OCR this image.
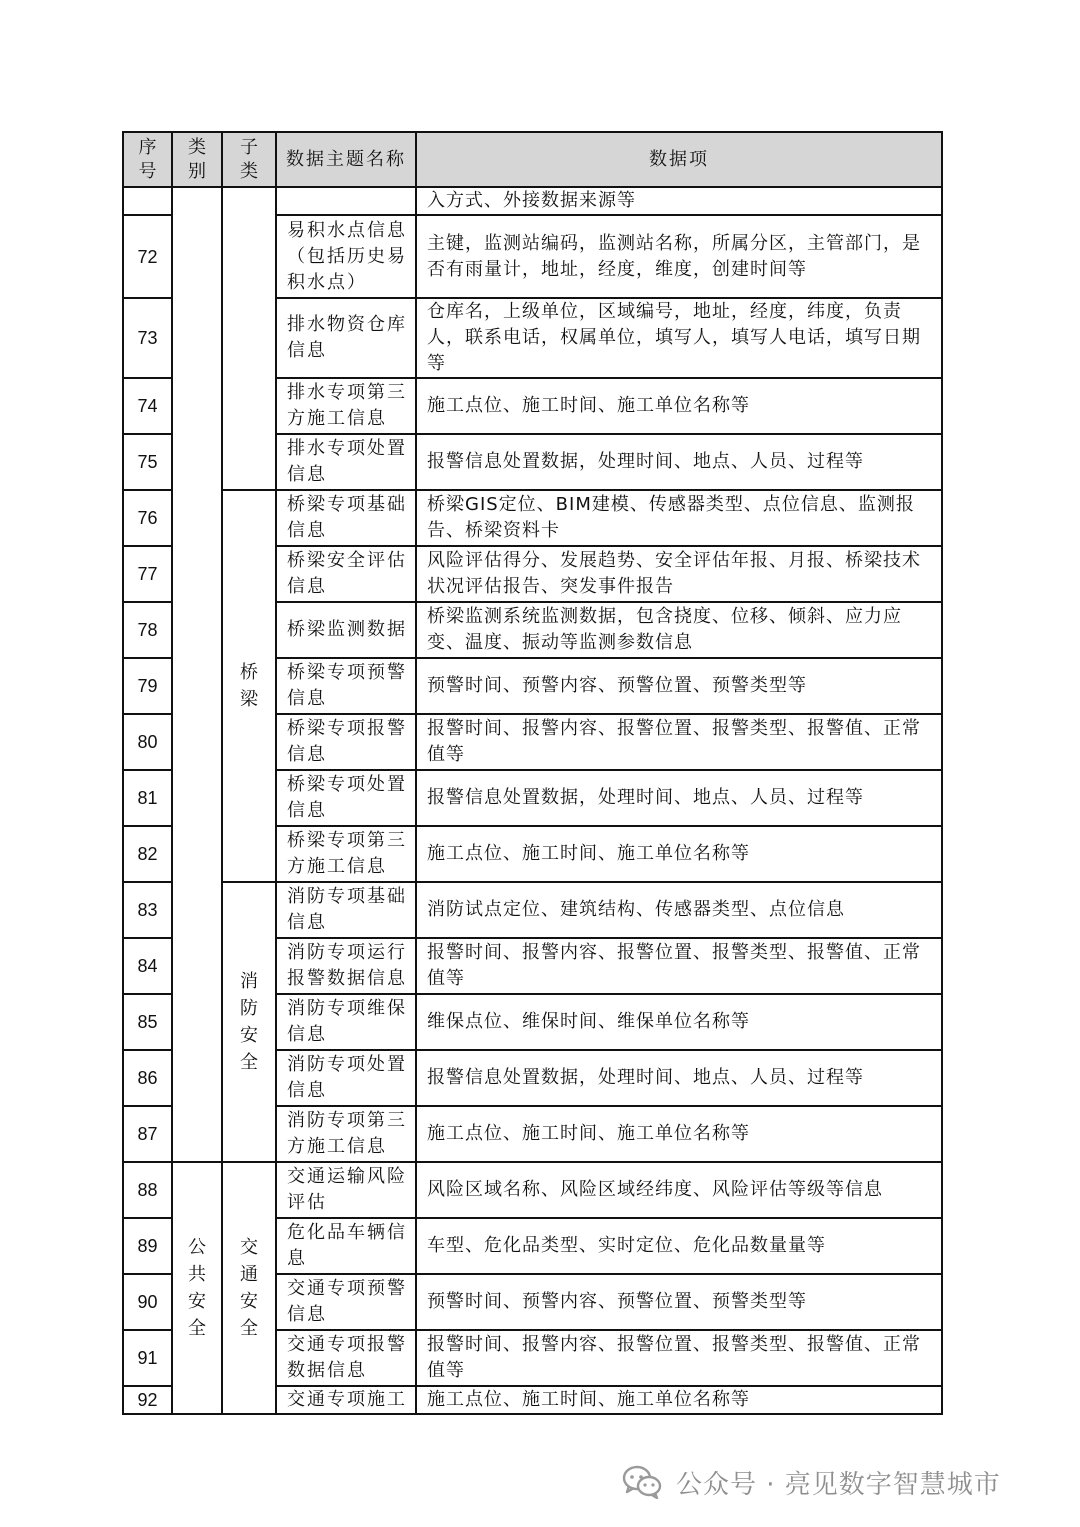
序号	类别	子类	数据主题名称	数据项
				入方式、外接数据来源等
72			易积水点信息（包括历史易积水点）	主键，监测站编码，监测站名称，所属分区，主管部门，是否有雨量计，地址，经度，维度，创建时间等
73			排水物资仓库信息	仓库名，上级单位，区域编号，地址，经度，纬度，负责人，联系电话，权属单位，填写人，填写人电话，填写日期等
74			排水专项第三方施工信息	施工点位、施工时间、施工单位名称等
75			排水专项处置信息	报警信息处置数据，处理时间、地点、人员、过程等
76		桥梁	桥梁专项基础信息	桥梁GIS定位、BIM建模、传感器类型、点位信息、监测报告、桥梁资料卡
77			桥梁安全评估信息	风险评估得分、发展趋势、安全评估年报、月报、桥梁技术状况评估报告、突发事件报告
78			桥梁监测数据	桥梁监测系统监测数据，包含挠度、位移、倾斜、应力应变、温度、振动等监测参数信息
79			桥梁专项预警信息	预警时间、预警内容、预警位置、预警类型等
80			桥梁专项报警信息	报警时间、报警内容、报警位置、报警类型、报警值、正常值等
81			桥梁专项处置信息	报警信息处置数据，处理时间、地点、人员、过程等
82			桥梁专项第三方施工信息	施工点位、施工时间、施工单位名称等
83		消防安全	消防专项基础信息	消防试点定位、建筑结构、传感器类型、点位信息
84			消防专项运行报警数据信息	报警时间、报警内容、报警位置、报警类型、报警值、正常值等
85			消防专项维保信息	维保点位、维保时间、维保单位名称等
86			消防专项处置信息	报警信息处置数据，处理时间、地点、人员、过程等
87			消防专项第三方施工信息	施工点位、施工时间、施工单位名称等
88	公共安全	交通安全	交通运输风险评估	风险区域名称、风险区域经纬度、风险评估等级等信息
89			危化品车辆信息	车型、危化品类型、实时定位、危化品数量量等
90			交通专项预警信息	预警时间、预警内容、预警位置、预警类型等
91			交通专项报警数据信息	报警时间、报警内容、报警位置、报警类型、报警值、正常值等
92			交通专项施工	施工点位、施工时间、施工单位名称等
公众号 · 亮见数字智慧城市
